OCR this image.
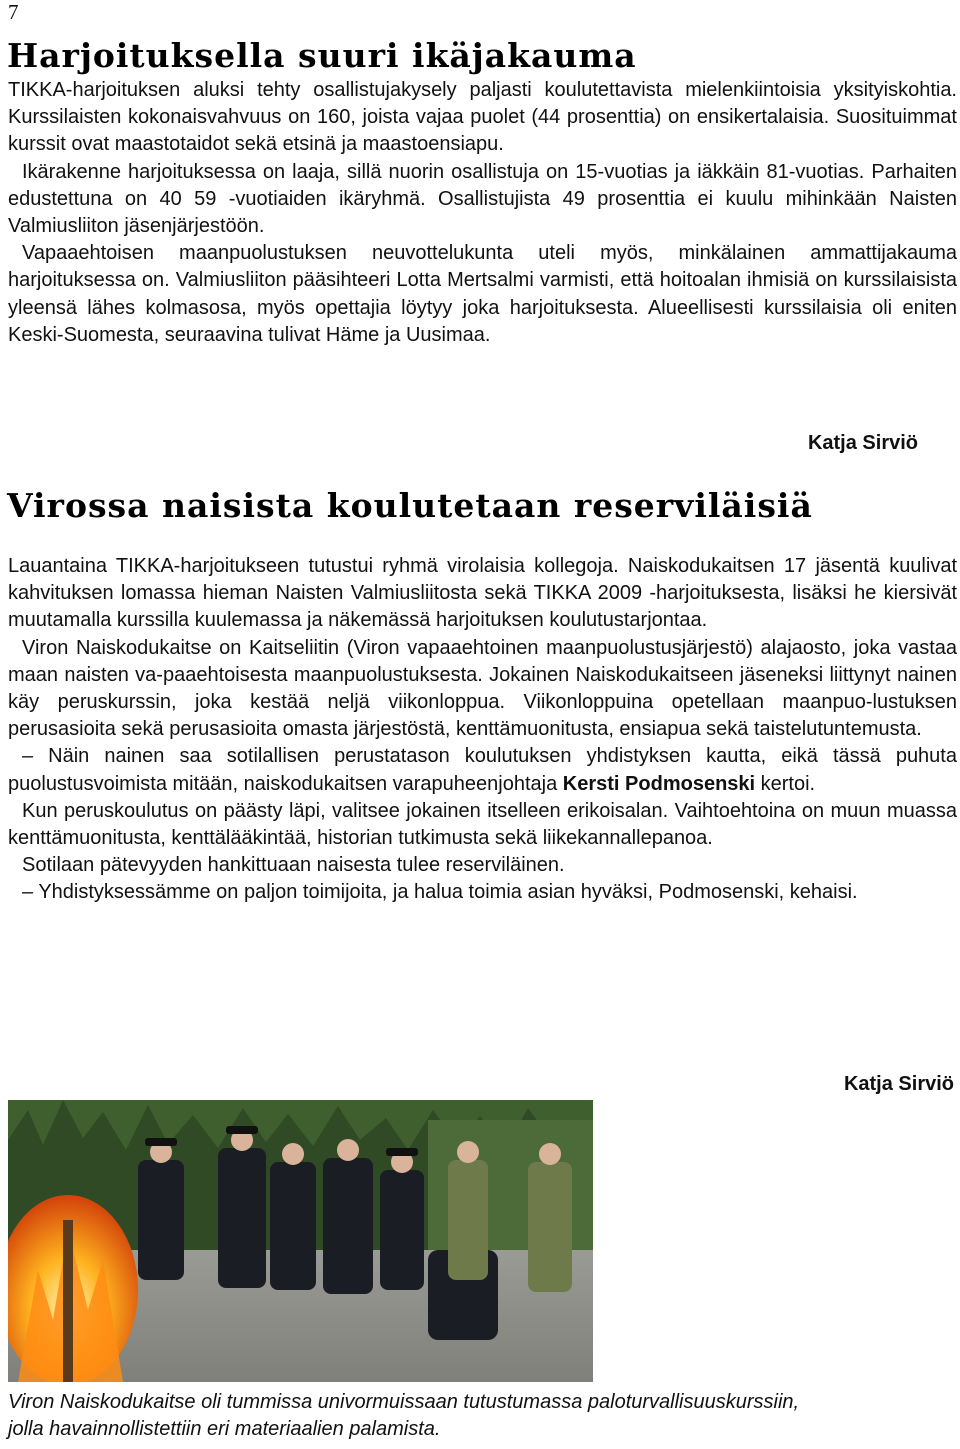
7
Harjoituksella suuri ikäjakauma

TIKKA-harjoituksen aluksi tehty osallistujakysely paljasti koulutettavista mielenkiintoisia yksityiskohtia. Kurssilaisten kokonaisvahvuus on 160, joista vajaa puolet (44 prosenttia) on ensikertalaisia. Suosituimmat kurssit ovat maastotaidot sekä etsinä ja maastoensiapu.

Ikärakenne harjoituksessa on laaja, sillä nuorin osallistuja on 15-vuotias ja iäkkäin 81-vuotias. Parhaiten edustettuna on 40 59 -vuotiaiden ikäryhmä. Osallistujista 49 prosenttia ei kuulu mihinkään Naisten Valmiusliiton jäsenjärjestöön.

Vapaaehtoisen maanpuolustuksen neuvottelukunta uteli myös, minkälainen ammattijakauma harjoituksessa on. Valmiusliiton pääsihteeri Lotta Mertsalmi varmisti, että hoitoalan ihmisiä on kurssilaisista yleensä lähes kolmasosa, myös opettajia löytyy joka harjoituksesta. Alueellisesti kurssilaisia oli eniten Keski-Suomesta, seuraavina tulivat Häme ja Uusimaa.

Katja Sirviö
Virossa naisista koulutetaan reserviläisiä

Lauantaina TIKKA-harjoitukseen tutustui ryhmä virolaisia kollegoja. Naiskodukaitsen 17 jäsentä kuulivat kahvituksen lomassa hieman Naisten Valmiusliitosta sekä TIKKA 2009 -harjoituksesta, lisäksi he kiersivät muutamalla kurssilla kuulemassa ja näkemässä harjoituksen koulutustarjontaa.

Viron Naiskodukaitse on Kaitseliitin (Viron vapaaehtoinen maanpuolustusjärjestö) alajaosto, joka vastaa maan naisten va-paaehtoisesta maanpuolustuksesta. Jokainen Naiskodukaitseen jäseneksi liittynyt nainen käy peruskurssin, joka kestää neljä viikonloppua. Viikonloppuina opetellaan maanpuo-lustuksen perusasioita sekä perusasioita omasta järjestöstä, kenttämuonitusta, ensiapua sekä taistelutuntemusta.

– Näin nainen saa sotilallisen perustatason koulutuksen yhdistyksen kautta, eikä tässä puhuta puolustusvoimista mitään, naiskodukaitsen varapuheenjohtaja Kersti Podmosenski kertoi.

Kun peruskoulutus on päästy läpi, valitsee jokainen itselleen erikoisalan. Vaihtoehtoina on muun muassa kenttämuonitusta, kenttälääkintää, historian tutkimusta sekä liikekannallepanoa.

Sotilaan pätevyyden hankittuaan naisesta tulee reserviläinen.

– Yhdistyksessämme on paljon toimijoita, ja halua toimia asian hyväksi, Podmosenski, kehaisi.

Katja Sirviö

Viron Naiskodukaitse oli tummissa univormuissaan tutustumassa paloturvallisuuskurssiin,

jolla havainnollistettiin eri materiaalien palamista.
